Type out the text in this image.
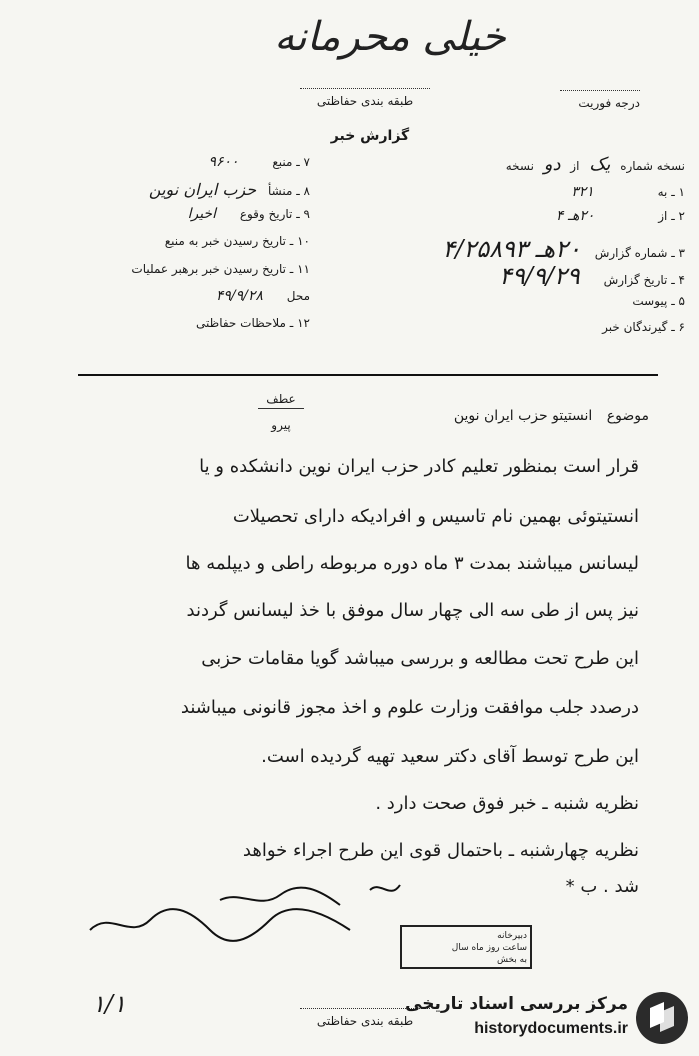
خیلی محرمانه
طبقه بندی حفاظتی	درجه فوریت
گزارش خبر
نسخه شماره یک از دو نسخه
۱ ـ به ۳۲۱
۲ ـ از ۲۰هـ ۴
۳ ـ شماره گزارش ۲۰هـ ۴/۲۵۸۹۳
۴ ـ تاریخ گزارش ۴۹/۹/۲۹
۵ ـ پیوست
۶ ـ گیرندگان خبر
۷ ـ منبع ۹۶۰۰
۸ ـ منشأ حزب ایران نوین
۹ ـ تاریخ وقوع اخیرا
۱۰ ـ تاریخ رسیدن خبر به منبع
۱۱ ـ تاریخ رسیدن خبر برهبر عملیات
محل ۴۹/۹/۲۸
۱۲ ـ ملاحظات حفاظتی
عطف
پیرو
موضوع انستیتو حزب ایران نوین
قرار است بمنظور تعلیم کادر حزب ایران نوین دانشکده و یا
انستیتوئی بهمین نام تاسیس و افرادیکه دارای تحصیلات
لیسانس میباشند بمدت ۳ ماه دوره مربوطه راطی و دیپلمه ها
نیز پس از طی سه الی چهار سال موفق با خذ لیسانس گردند
این طرح تحت مطالعه و بررسی میباشد گویا مقامات حزبی
درصدد جلب موافقت وزارت علوم و اخذ مجوز قانونی میباشند
این طرح توسط آقای دکتر سعید تهیه گردیده است.
نظریه شنبه ـ خبر فوق صحت دارد .
نظریه چهارشنبه ـ باحتمال قوی این طرح اجراء خواهد
شد . ب *
دبیرخانه
ساعت روز ماه سال
به بخش
۱/۱
طبقه بندی حفاظتی
مرکز بررسی اسناد تاریخی
historydocuments.ir
